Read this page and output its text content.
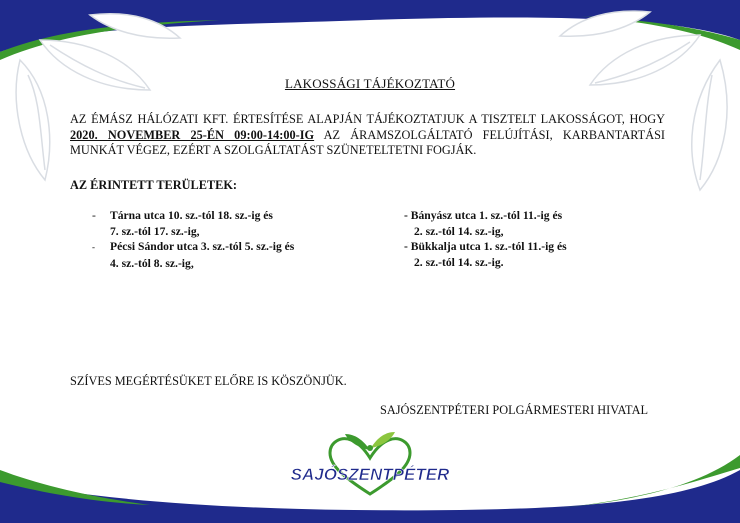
LAKOSSÁGI TÁJÉKOZTATÓ
AZ ÉMÁSZ HÁLÓZATI KFT. ÉRTESÍTÉSE ALAPJÁN TÁJÉKOZTATJUK A TISZTELT LAKOSSÁGOT, HOGY 2020. NOVEMBER 25-ÉN 09:00-14:00-IG AZ ÁRAMSZOLGÁLTATÓ FELÚJÍTÁSI, KARBANTARTÁSI MUNKÁT VÉGEZ, EZÉRT A SZOLGÁLTATÁST SZÜNETELTETNI FOGJÁK.
AZ ÉRINTETT TERÜLETEK:
- Tárna utca 10. sz.-tól 18. sz.-ig és
7. sz.-tól 17. sz.-ig,
- Pécsi Sándor utca 3. sz.-tól 5. sz.-ig és
4. sz.-tól 8. sz.-ig,
- Bányász utca 1. sz.-tól 11.-ig és
2. sz.-tól 14. sz.-ig,
- Bükkalja utca 1. sz.-tól 11.-ig és
2. sz.-tól 14. sz.-ig.
SZÍVES MEGÉRTÉSÜKET ELŐRE IS KÖSZÖNJÜK.
SAJÓSZENTPÉTERI POLGÁRMESTERI HIVATAL
SAJÓSZENTPÉTER
